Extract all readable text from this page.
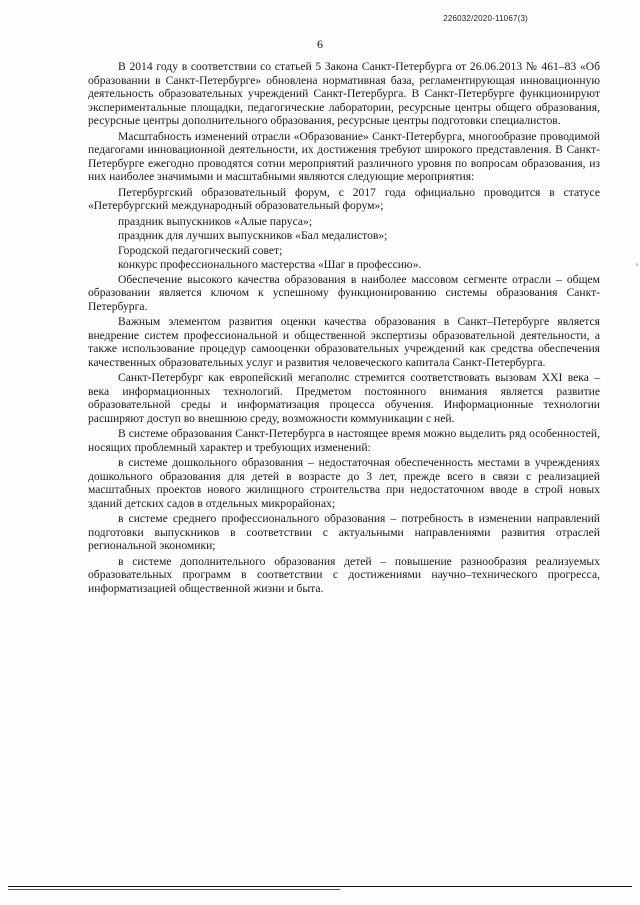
226032/2020-11067(3)
6

В 2014 году в соответствии со статьей 5 Закона Санкт-Петербурга от 26.06.2013 № 461–83 «Об образовании в Санкт-Петербурге» обновлена нормативная база, регламентирующая инновационную деятельность образовательных учреждений Санкт-Петербурга. В Санкт-Петербурге функционируют экспериментальные площадки, педагогические лаборатории, ресурсные центры общего образования, ресурсные центры дополнительного образования, ресурсные центры подготовки специалистов.

Масштабность изменений отрасли «Образование» Санкт-Петербурга, многообразие проводимой педагогами инновационной деятельности, их достижения требуют широкого представления. В Санкт-Петербурге ежегодно проводятся сотни мероприятий различного уровня по вопросам образования, из них наиболее значимыми и масштабными являются следующие мероприятия:

Петербургский образовательный форум, с 2017 года официально проводится в статусе «Петербургский международный образовательный форум»;

праздник выпускников «Алые паруса»;

праздник для лучших выпускников «Бал медалистов»;

Городской педагогический совет;

конкурс профессионального мастерства «Шаг в профессию».

Обеспечение высокого качества образования в наиболее массовом сегменте отрасли – общем образовании является ключом к успешному функционированию системы образования Санкт-Петербурга.

Важным элементом развития оценки качества образования в Санкт–Петербурге является внедрение систем профессиональной и общественной экспертизы образовательной деятельности, а также использование процедур самооценки образовательных учреждений как средства обеспечения качественных образовательных услуг и развития человеческого капитала Санкт-Петербурга.

Санкт-Петербург как европейский мегаполис стремится соответствовать вызовам XXI века – века информационных технологий. Предметом постоянного внимания является развитие образовательной среды и информатизация процесса обучения. Информационные технологии расширяют доступ во внешнюю среду, возможности коммуникации с ней.

В системе образования Санкт-Петербурга в настоящее время можно выделить ряд особенностей, носящих проблемный характер и требующих изменений:

в системе дошкольного образования – недостаточная обеспеченность местами в учреждениях дошкольного образования для детей в возрасте до 3 лет, прежде всего в связи с реализацией масштабных проектов нового жилищного строительства при недостаточном вводе в строй новых зданий детских садов в отдельных микрорайонах;

в системе среднего профессионального образования – потребность в изменении направлений подготовки выпускников в соответствии с актуальными направлениями развития отраслей региональной экономики;

в системе дополнительного образования детей – повышение разнообразия реализуемых образовательных программ в соответствии с достижениями научно–технического прогресса, информатизацией общественной жизни и быта.

'
